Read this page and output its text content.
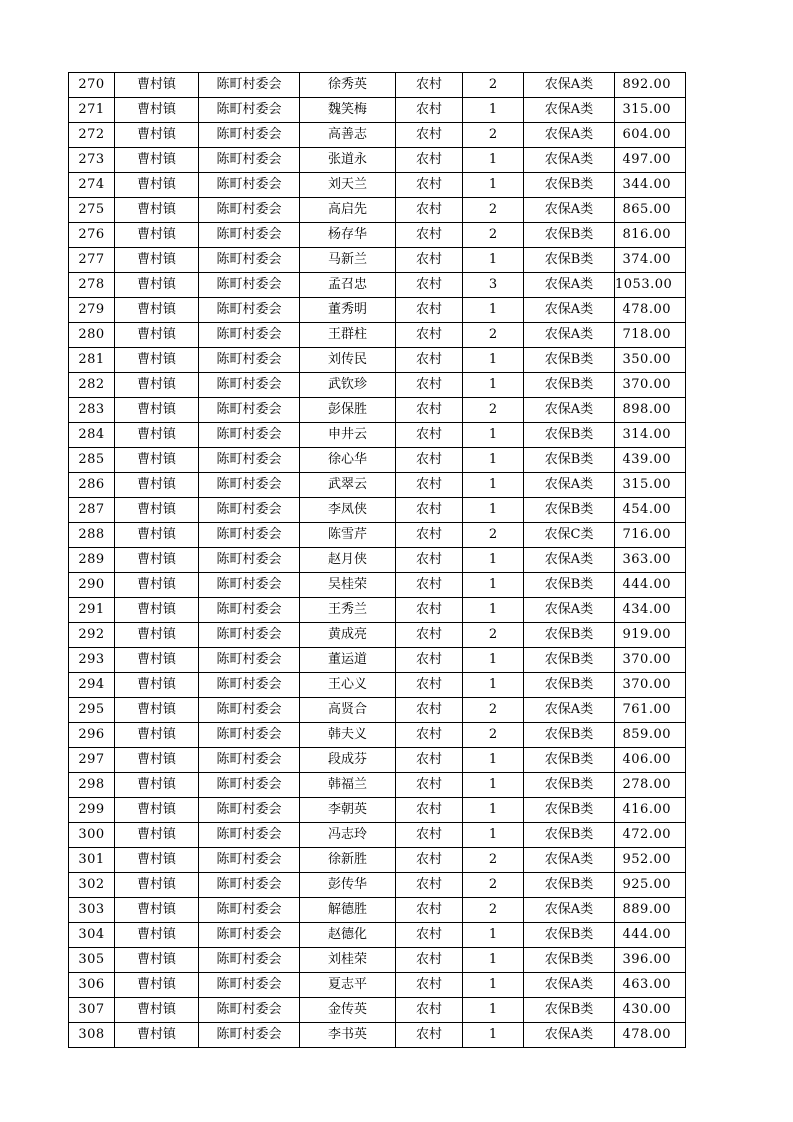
270	曹村镇	陈町村委会	徐秀英	农村	2	农保A类	892.00
271	曹村镇	陈町村委会	魏笑梅	农村	1	农保A类	315.00
272	曹村镇	陈町村委会	高善志	农村	2	农保A类	604.00
273	曹村镇	陈町村委会	张道永	农村	1	农保A类	497.00
274	曹村镇	陈町村委会	刘天兰	农村	1	农保B类	344.00
275	曹村镇	陈町村委会	高启先	农村	2	农保A类	865.00
276	曹村镇	陈町村委会	杨存华	农村	2	农保B类	816.00
277	曹村镇	陈町村委会	马新兰	农村	1	农保B类	374.00
278	曹村镇	陈町村委会	孟召忠	农村	3	农保A类	1053.00
279	曹村镇	陈町村委会	董秀明	农村	1	农保A类	478.00
280	曹村镇	陈町村委会	王群柱	农村	2	农保A类	718.00
281	曹村镇	陈町村委会	刘传民	农村	1	农保B类	350.00
282	曹村镇	陈町村委会	武钦珍	农村	1	农保B类	370.00
283	曹村镇	陈町村委会	彭保胜	农村	2	农保A类	898.00
284	曹村镇	陈町村委会	申井云	农村	1	农保B类	314.00
285	曹村镇	陈町村委会	徐心华	农村	1	农保B类	439.00
286	曹村镇	陈町村委会	武翠云	农村	1	农保A类	315.00
287	曹村镇	陈町村委会	李凤侠	农村	1	农保B类	454.00
288	曹村镇	陈町村委会	陈雪芹	农村	2	农保C类	716.00
289	曹村镇	陈町村委会	赵月侠	农村	1	农保A类	363.00
290	曹村镇	陈町村委会	吴桂荣	农村	1	农保B类	444.00
291	曹村镇	陈町村委会	王秀兰	农村	1	农保A类	434.00
292	曹村镇	陈町村委会	黄成亮	农村	2	农保B类	919.00
293	曹村镇	陈町村委会	董运道	农村	1	农保B类	370.00
294	曹村镇	陈町村委会	王心义	农村	1	农保B类	370.00
295	曹村镇	陈町村委会	高贤合	农村	2	农保A类	761.00
296	曹村镇	陈町村委会	韩夫义	农村	2	农保B类	859.00
297	曹村镇	陈町村委会	段成芬	农村	1	农保B类	406.00
298	曹村镇	陈町村委会	韩福兰	农村	1	农保B类	278.00
299	曹村镇	陈町村委会	李朝英	农村	1	农保B类	416.00
300	曹村镇	陈町村委会	冯志玲	农村	1	农保B类	472.00
301	曹村镇	陈町村委会	徐新胜	农村	2	农保A类	952.00
302	曹村镇	陈町村委会	彭传华	农村	2	农保B类	925.00
303	曹村镇	陈町村委会	解德胜	农村	2	农保A类	889.00
304	曹村镇	陈町村委会	赵德化	农村	1	农保B类	444.00
305	曹村镇	陈町村委会	刘桂荣	农村	1	农保B类	396.00
306	曹村镇	陈町村委会	夏志平	农村	1	农保A类	463.00
307	曹村镇	陈町村委会	金传英	农村	1	农保B类	430.00
308	曹村镇	陈町村委会	李书英	农村	1	农保A类	478.00
